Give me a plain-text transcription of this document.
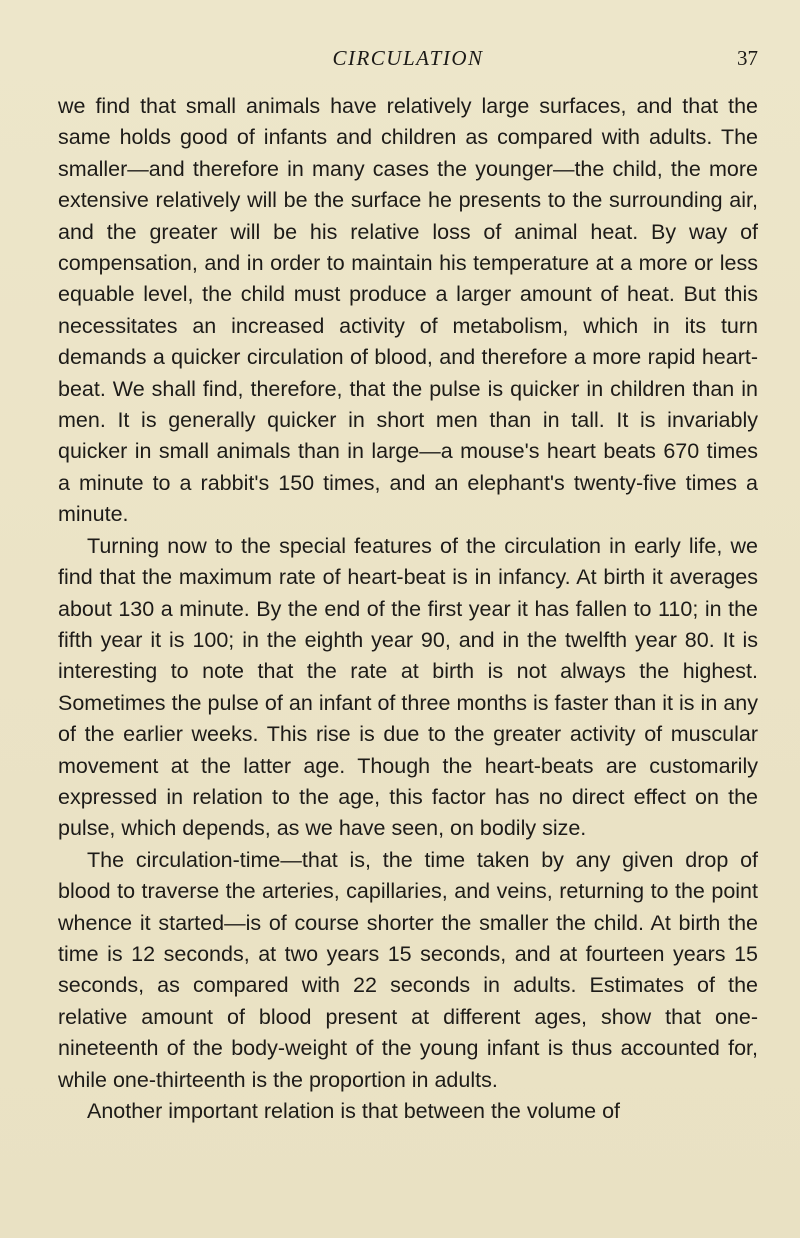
CIRCULATION	37

we find that small animals have relatively large surfaces, and that the same holds good of infants and children as compared with adults. The smaller—and therefore in many cases the younger—the child, the more extensive relatively will be the surface he presents to the surrounding air, and the greater will be his relative loss of animal heat. By way of compensation, and in order to maintain his temperature at a more or less equable level, the child must produce a larger amount of heat. But this necessitates an increased activity of metabolism, which in its turn demands a quicker circulation of blood, and therefore a more rapid heart-beat. We shall find, therefore, that the pulse is quicker in children than in men. It is generally quicker in short men than in tall. It is invariably quicker in small animals than in large—a mouse's heart beats 670 times a minute to a rabbit's 150 times, and an elephant's twenty-five times a minute.

Turning now to the special features of the circulation in early life, we find that the maximum rate of heart-beat is in infancy. At birth it averages about 130 a minute. By the end of the first year it has fallen to 110; in the fifth year it is 100; in the eighth year 90, and in the twelfth year 80. It is interesting to note that the rate at birth is not always the highest. Sometimes the pulse of an infant of three months is faster than it is in any of the earlier weeks. This rise is due to the greater activity of muscular movement at the latter age. Though the heart-beats are customarily expressed in relation to the age, this factor has no direct effect on the pulse, which depends, as we have seen, on bodily size.

The circulation-time—that is, the time taken by any given drop of blood to traverse the arteries, capillaries, and veins, returning to the point whence it started—is of course shorter the smaller the child. At birth the time is 12 seconds, at two years 15 seconds, and at fourteen years 15 seconds, as compared with 22 seconds in adults. Estimates of the relative amount of blood present at different ages, show that one-nineteenth of the body-weight of the young infant is thus accounted for, while one-thirteenth is the proportion in adults.

Another important relation is that between the volume of
